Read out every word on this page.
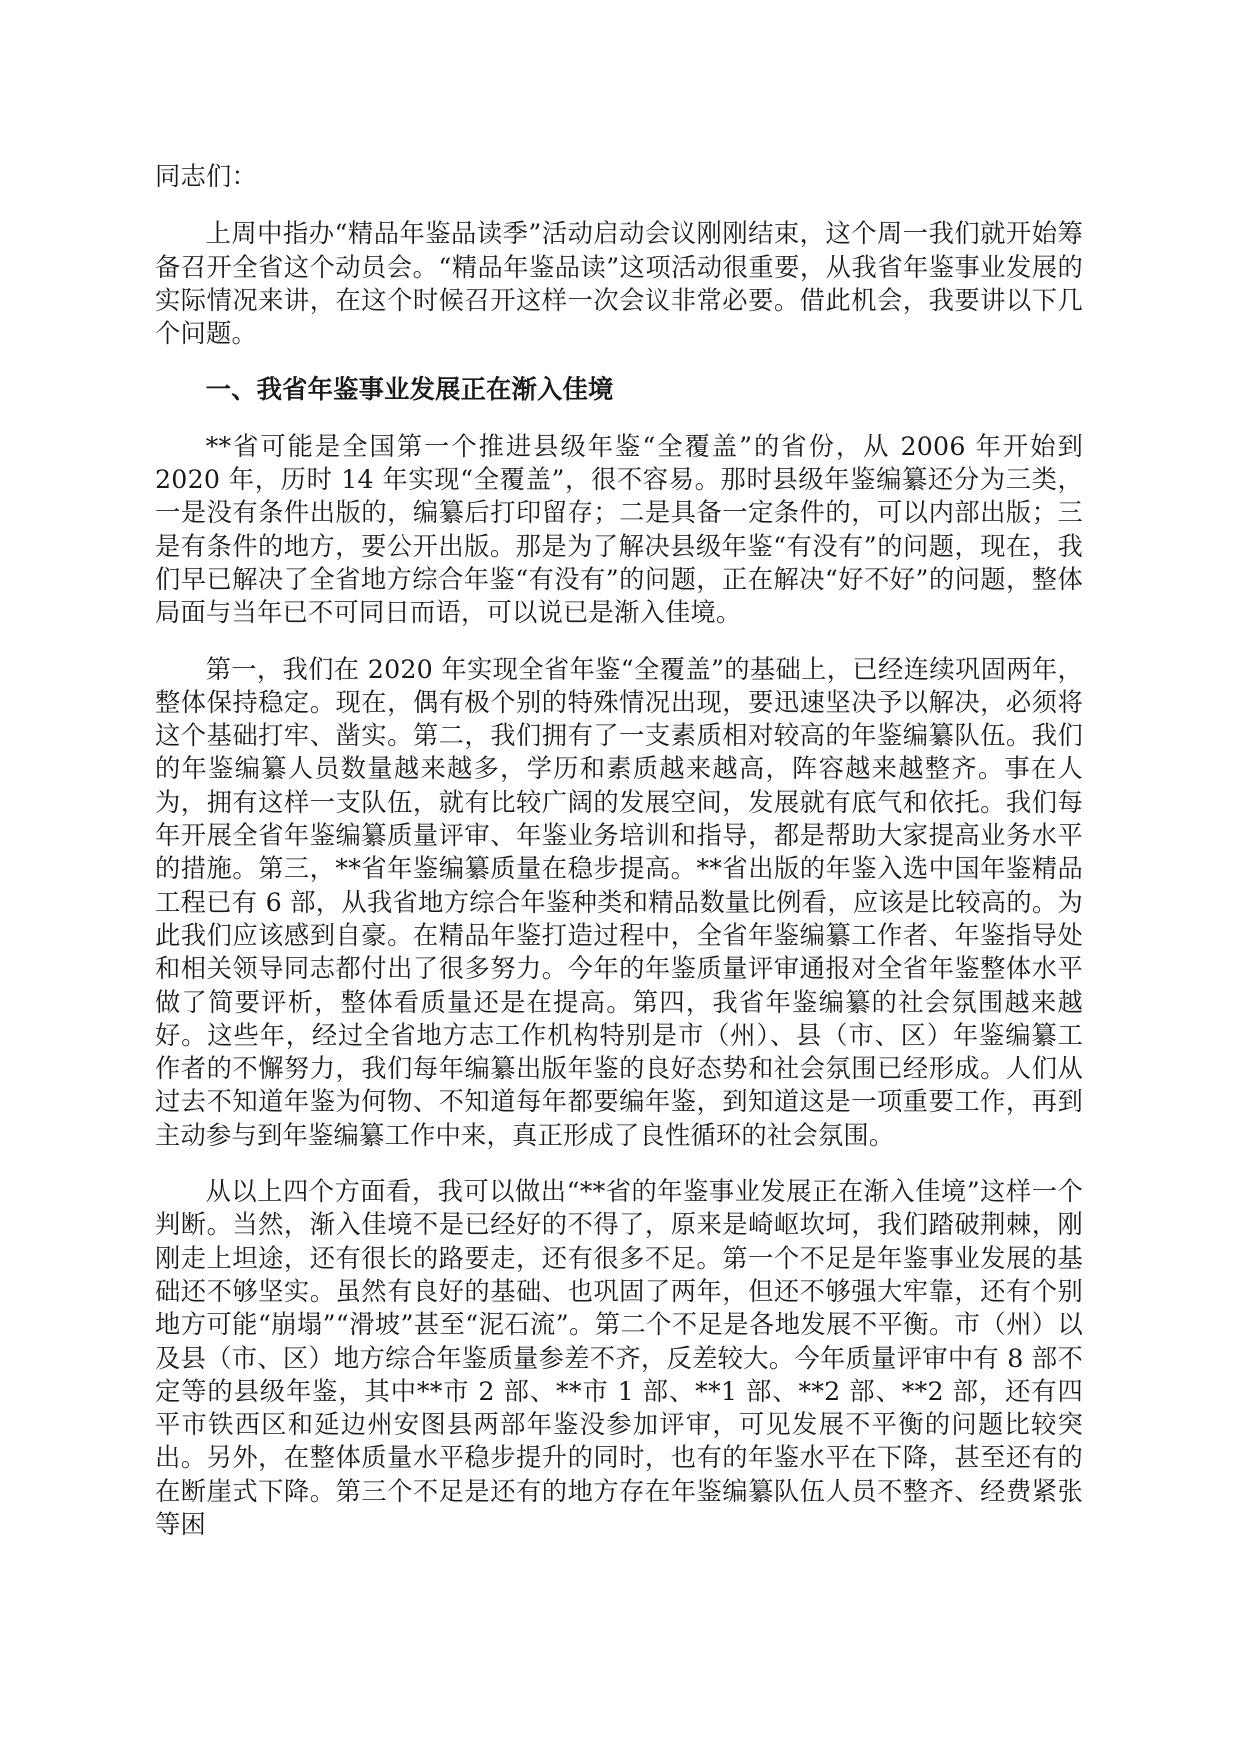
同志们：

上周中指办“精品年鉴品读季”活动启动会议刚刚结束，这个周一我们就开始筹备召开全省这个动员会。“精品年鉴品读”这项活动很重要，从我省年鉴事业发展的实际情况来讲，在这个时候召开这样一次会议非常必要。借此机会，我要讲以下几个问题。

一、我省年鉴事业发展正在渐入佳境

**省可能是全国第一个推进县级年鉴“全覆盖”的省份，从 2006 年开始到 2020 年，历时 14 年实现“全覆盖”，很不容易。那时县级年鉴编纂还分为三类，一是没有条件出版的，编纂后打印留存；二是具备一定条件的，可以内部出版；三是有条件的地方，要公开出版。那是为了解决县级年鉴“有没有”的问题，现在，我们早已解决了全省地方综合年鉴“有没有”的问题，正在解决“好不好”的问题，整体局面与当年已不可同日而语，可以说已是渐入佳境。

第一，我们在 2020 年实现全省年鉴“全覆盖”的基础上，已经连续巩固两年，整体保持稳定。现在，偶有极个别的特殊情况出现，要迅速坚决予以解决，必须将这个基础打牢、凿实。第二，我们拥有了一支素质相对较高的年鉴编纂队伍。我们的年鉴编纂人员数量越来越多，学历和素质越来越高，阵容越来越整齐。事在人为，拥有这样一支队伍，就有比较广阔的发展空间，发展就有底气和依托。我们每年开展全省年鉴编纂质量评审、年鉴业务培训和指导，都是帮助大家提高业务水平的措施。第三，**省年鉴编纂质量在稳步提高。**省出版的年鉴入选中国年鉴精品工程已有 6 部，从我省地方综合年鉴种类和精品数量比例看，应该是比较高的。为此我们应该感到自豪。在精品年鉴打造过程中，全省年鉴编纂工作者、年鉴指导处和相关领导同志都付出了很多努力。今年的年鉴质量评审通报对全省年鉴整体水平做了简要评析，整体看质量还是在提高。第四，我省年鉴编纂的社会氛围越来越好。这些年，经过全省地方志工作机构特别是市（州）、县（市、区）年鉴编纂工作者的不懈努力，我们每年编纂出版年鉴的良好态势和社会氛围已经形成。人们从过去不知道年鉴为何物、不知道每年都要编年鉴，到知道这是一项重要工作，再到主动参与到年鉴编纂工作中来，真正形成了良性循环的社会氛围。

从以上四个方面看，我可以做出“**省的年鉴事业发展正在渐入佳境”这样一个判断。当然，渐入佳境不是已经好的不得了，原来是崎岖坎坷，我们踏破荆棘，刚刚走上坦途，还有很长的路要走，还有很多不足。第一个不足是年鉴事业发展的基础还不够坚实。虽然有良好的基础、也巩固了两年，但还不够强大牢靠，还有个别地方可能“崩塌”“滑坡”甚至“泥石流”。第二个不足是各地发展不平衡。市（州）以及县（市、区）地方综合年鉴质量参差不齐，反差较大。今年质量评审中有 8 部不定等的县级年鉴，其中**市 2 部、**市 1 部、**1 部、**2 部、**2 部，还有四平市铁西区和延边州安图县两部年鉴没参加评审，可见发展不平衡的问题比较突出。另外，在整体质量水平稳步提升的同时，也有的年鉴水平在下降，甚至还有的在断崖式下降。第三个不足是还有的地方存在年鉴编纂队伍人员不整齐、经费紧张等困
